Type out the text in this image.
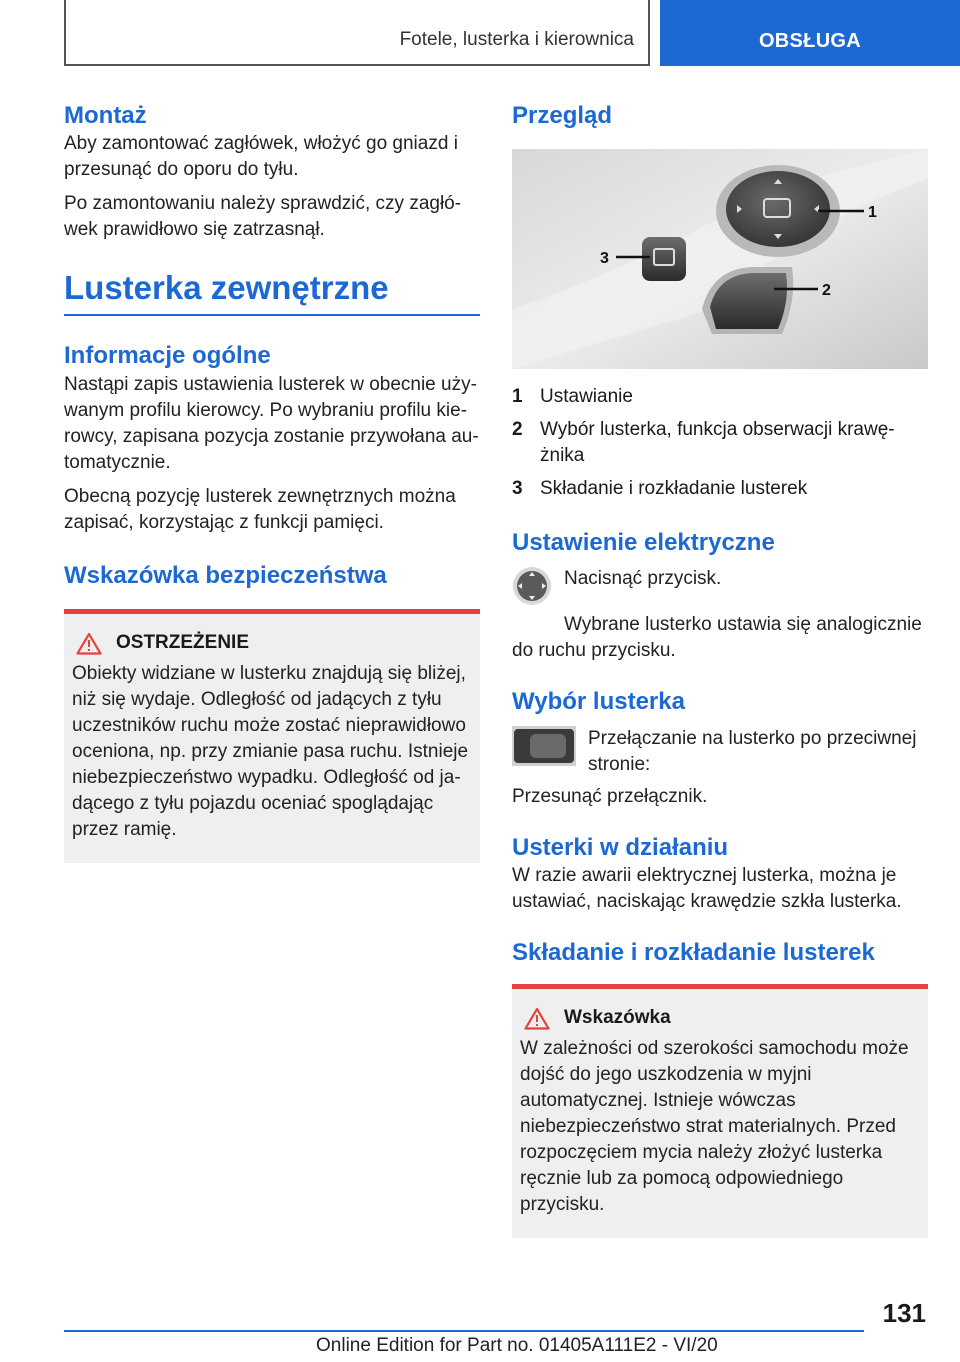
Fotele, lusterka i kierownica	OBSŁUGA
Montaż

Aby zamontować zagłówek, włożyć go gniazd i przesunąć do oporu do tyłu.

Po zamontowaniu należy sprawdzić, czy zagłówek prawidłowo się zatrzasnął.

Lusterka zewnętrzne
Informacje ogólne

Nastąpi zapis ustawienia lusterek w obecnie używanym profilu kierowcy. Po wybraniu profilu kierowcy, zapisana pozycja zostanie przywołana automatycznie.

Obecną pozycję lusterek zewnętrznych można zapisać, korzystając z funkcji pamięci.

Wskazówka bezpieczeństwa
OSTRZEŻENIE

Obiekty widziane w lusterku znajdują się bliżej, niż się wydaje. Odległość od jadących z tyłu uczestników ruchu może zostać nieprawidłowo oceniona, np. przy zmianie pasa ruchu. Istnieje niebezpieczeństwo wypadku. Odległość od jadącego z tyłu pojazdu oceniać spoglądając przez ramię.

Przegląd
1
2
3
1 Ustawianie
2 Wybór lusterka, funkcja obserwacji krawężnika
3 Składanie i rozkładanie lusterek
Ustawienie elektryczne

Nacisnąć przycisk.

Wybrane lusterko ustawia się analogicznie do ruchu przycisku.

Wybór lusterka

Przełączanie na lusterko po przeciwnej stronie:

Przesunąć przełącznik.

Usterki w działaniu

W razie awarii elektrycznej lusterka, można je ustawiać, naciskając krawędzie szkła lusterka.

Składanie i rozkładanie lusterek
Wskazówka

W zależności od szerokości samochodu może dojść do jego uszkodzenia w myjni automatycznej. Istnieje wówczas niebezpieczeństwo strat materialnych. Przed rozpoczęciem mycia należy złożyć lusterka ręcznie lub za pomocą odpowiedniego przycisku.

131
Online Edition for Part no. 01405A111E2 - VI/20
